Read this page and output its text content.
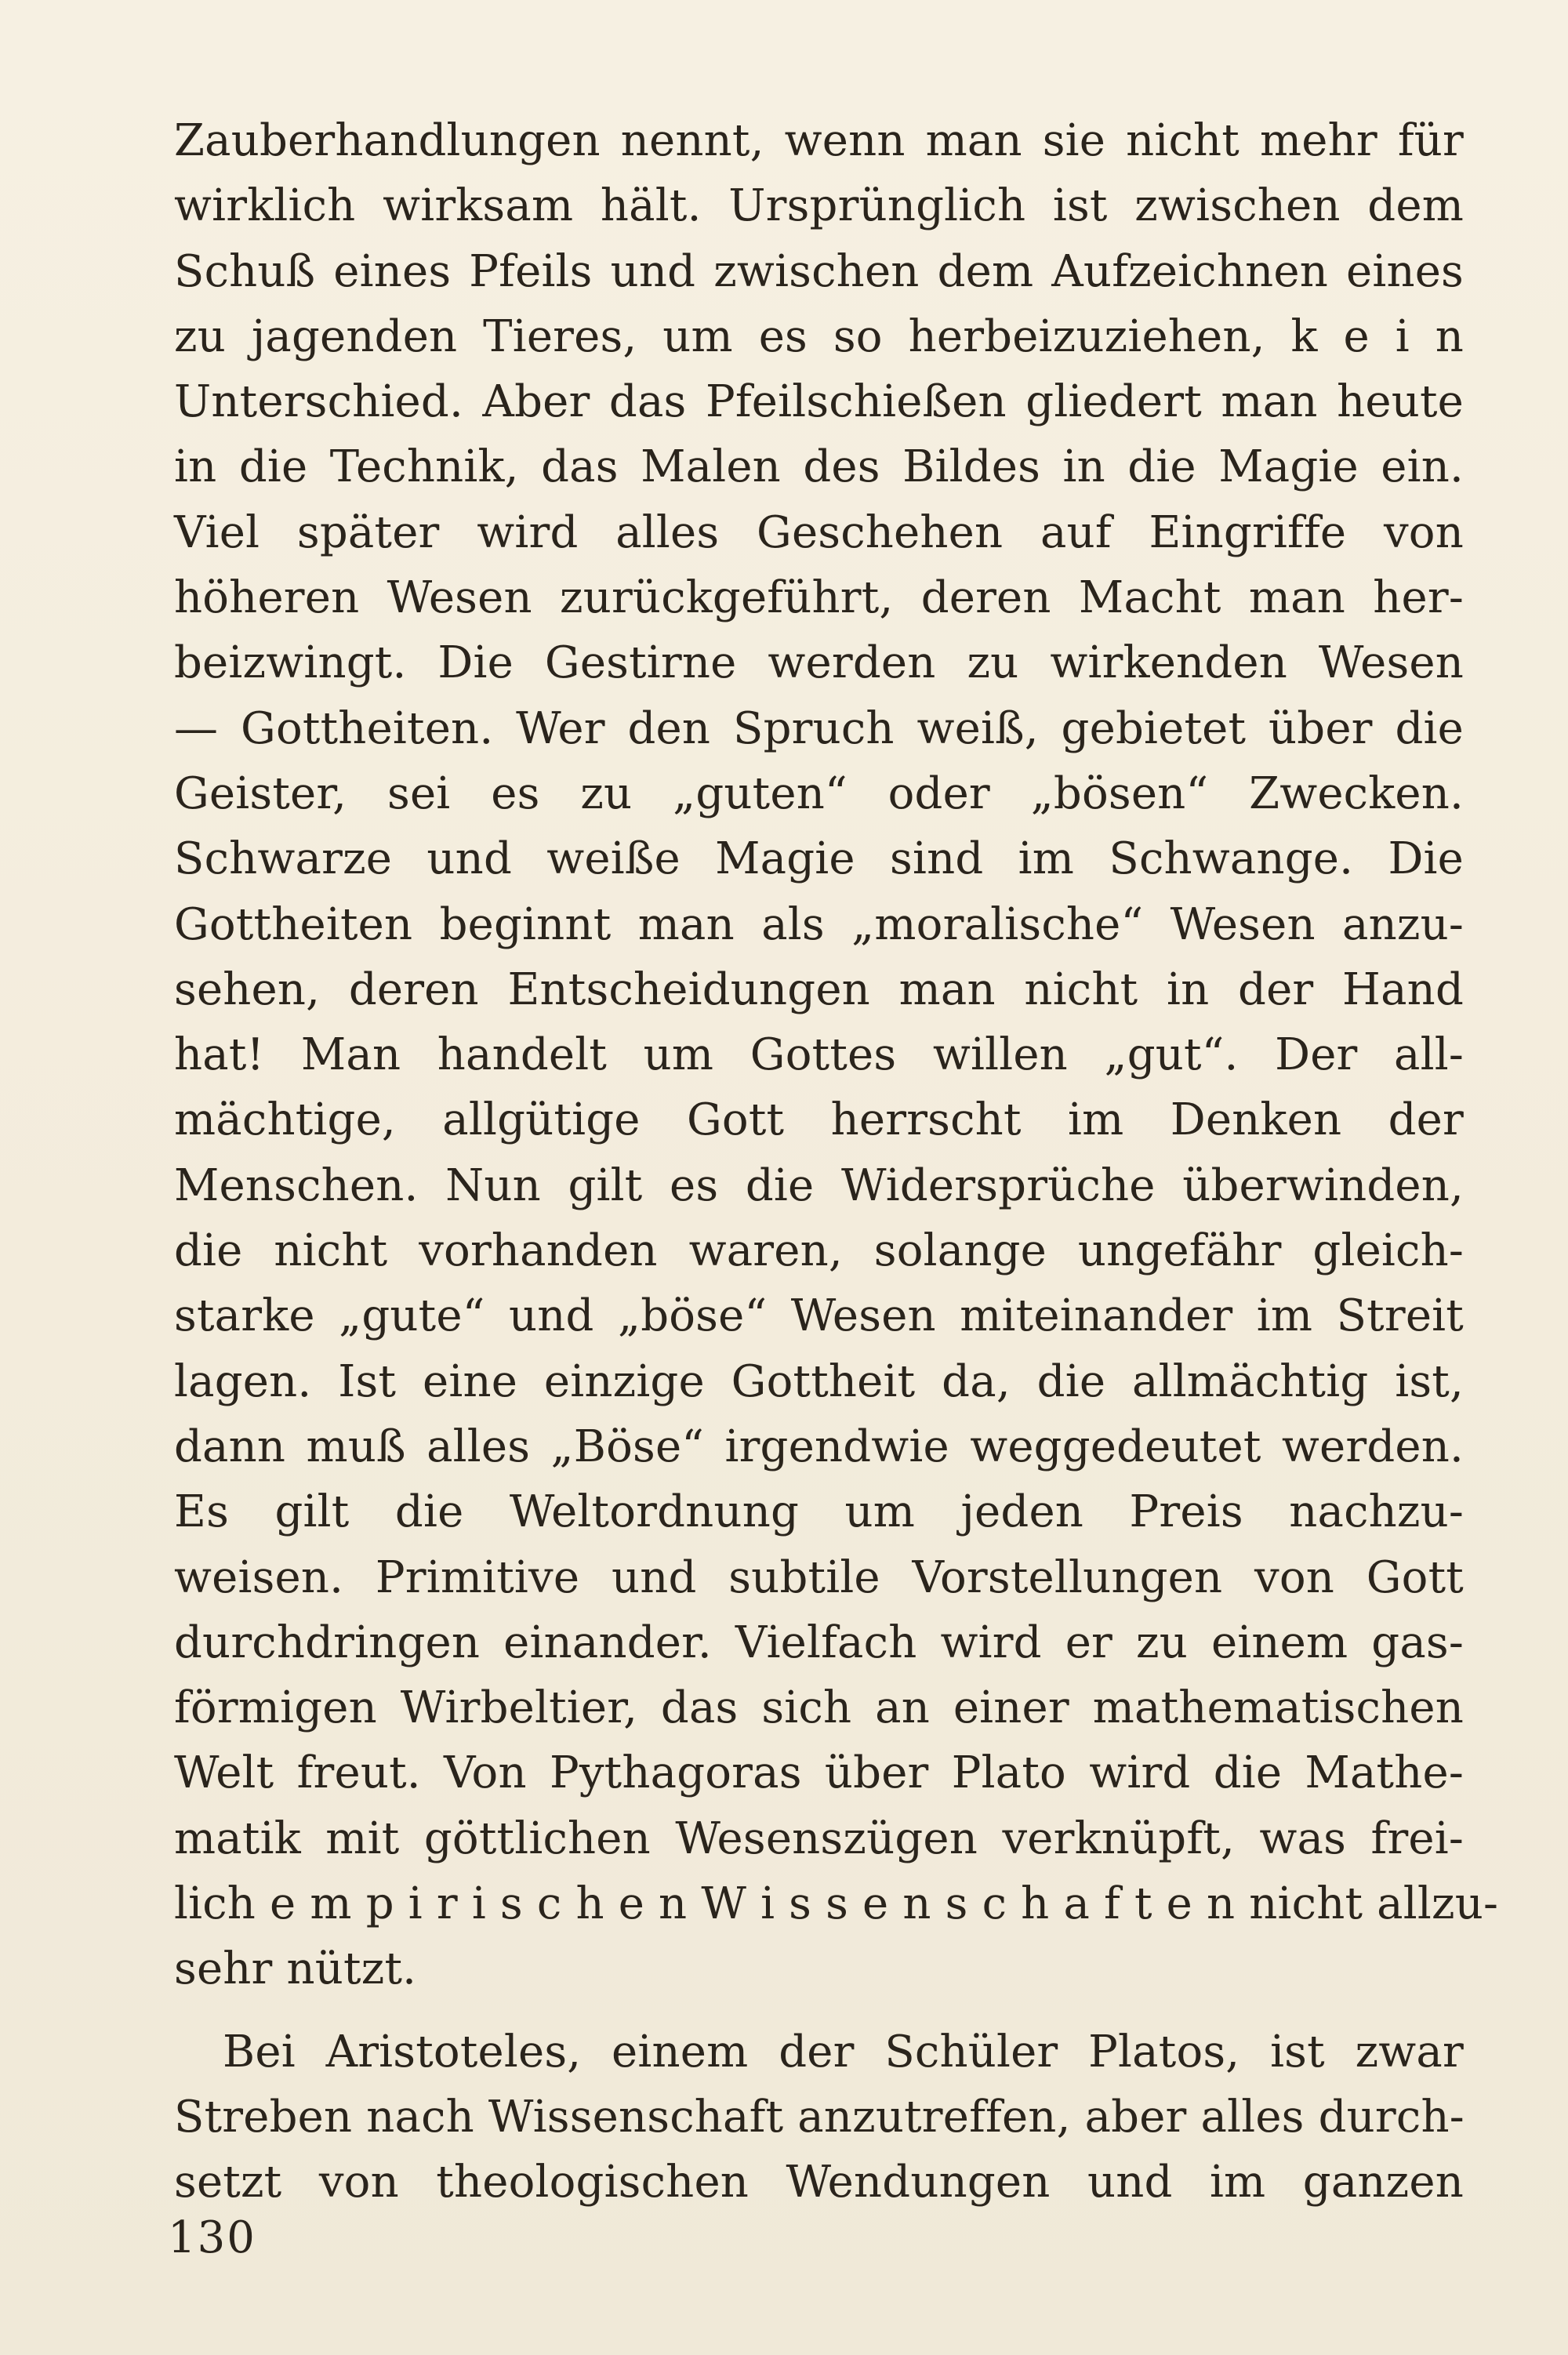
Zauberhandlungen nennt, wenn man sie nicht mehr für
wirklich wirksam hält. Ursprünglich ist zwischen dem
Schuß eines Pfeils und zwischen dem Aufzeichnen eines
zu jagenden Tieres, um es so herbeizuziehen, k e i n
Unterschied. Aber das Pfeilschießen gliedert man heute
in die Technik, das Malen des Bildes in die Magie ein.
Viel später wird alles Geschehen auf Eingriffe von
höheren Wesen zurückgeführt, deren Macht man her-
beizwingt. Die Gestirne werden zu wirkenden Wesen
— Gottheiten. Wer den Spruch weiß, gebietet über die
Geister, sei es zu „guten“ oder „bösen“ Zwecken.
Schwarze und weiße Magie sind im Schwange. Die
Gottheiten beginnt man als „moralische“ Wesen anzu-
sehen, deren Entscheidungen man nicht in der Hand
hat! Man handelt um Gottes willen „gut“. Der all-
mächtige, allgütige Gott herrscht im Denken der
Menschen. Nun gilt es die Widersprüche überwinden,
die nicht vorhanden waren, solange ungefähr gleich-
starke „gute“ und „böse“ Wesen miteinander im Streit
lagen. Ist eine einzige Gottheit da, die allmächtig ist,
dann muß alles „Böse“ irgendwie weggedeutet werden.
Es gilt die Weltordnung um jeden Preis nachzu-
weisen. Primitive und subtile Vorstellungen von Gott
durchdringen einander. Vielfach wird er zu einem gas-
förmigen Wirbeltier, das sich an einer mathematischen
Welt freut. Von Pythagoras über Plato wird die Mathe-
matik mit göttlichen Wesenszügen verknüpft, was frei-
lich e m p i r i s c h e n W i s s e n s c h a f t e n nicht allzu-
sehr nützt.
Bei Aristoteles, einem der Schüler Platos, ist zwar
Streben nach Wissenschaft anzutreffen, aber alles durch-
setzt von theologischen Wendungen und im ganzen
130
